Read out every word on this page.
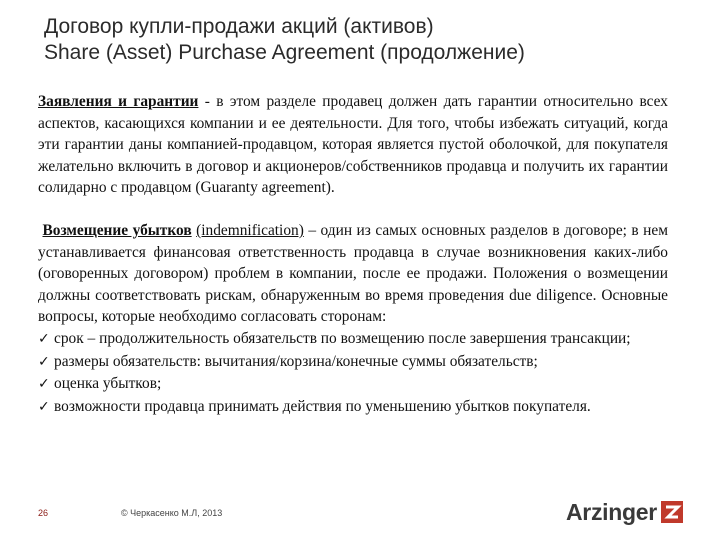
Договор купли-продажи акций (активов)
Share (Asset) Purchase Agreement (продолжение)

Заявления и гарантии - в этом разделе продавец должен дать гарантии относительно всех аспектов, касающихся компании и ее деятельности. Для того, чтобы избежать ситуаций, когда эти гарантии даны компанией-продавцом, которая является пустой оболочкой, для покупателя желательно включить в договор и акционеров/собственников продавца и получить их гарантии солидарно с продавцом (Guaranty agreement).

Возмещение убытков (indemnification) – один из самых основных разделов в договоре; в нем устанавливается финансовая ответственность продавца в случае возникновения каких-либо (оговоренных договором) проблем в компании, после ее продажи. Положения о возмещении должны соответствовать рискам, обнаруженным во время проведения due diligence. Основные вопросы, которые необходимо согласовать сторонам:

✓ срок – продолжительность обязательств по возмещению после завершения трансакции;

✓ размеры обязательств: вычитания/корзина/конечные суммы обязательств;

✓ оценка убытков;

✓ возможности продавца принимать действия по уменьшению убытков покупателя.

26	© Черкасенко М.Л, 2013	Arzinger
